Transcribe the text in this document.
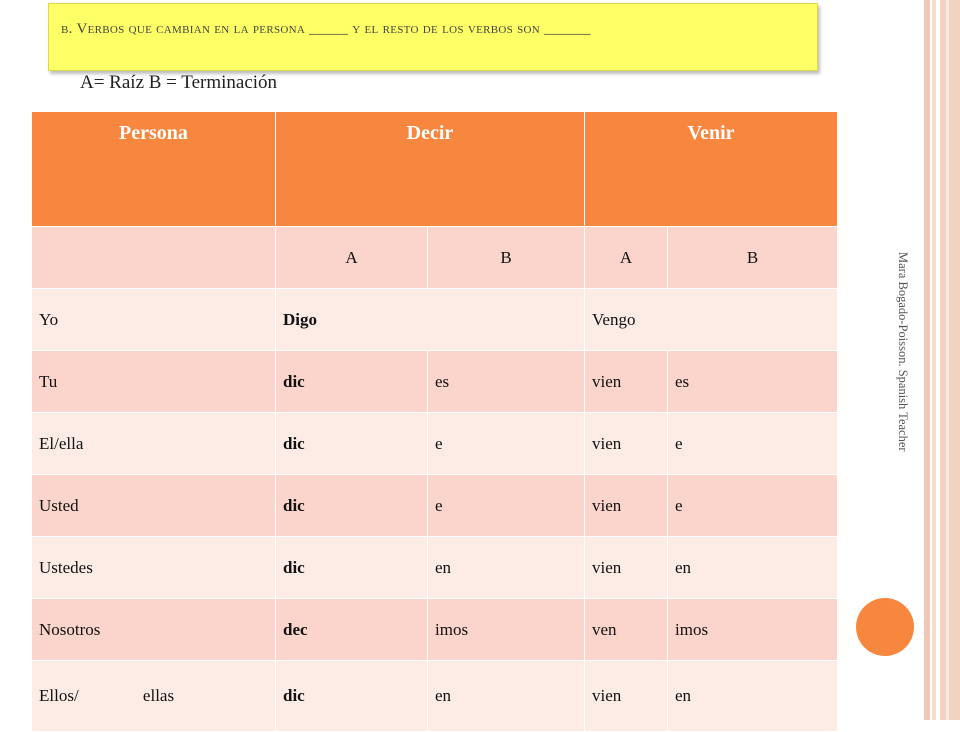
b. Verbos que cambian en la persona _____ y el resto de los verbos son ______
A= Raíz B = Terminación
Mara Bogado-Poisson. Spanish Teacher
Persona	Decir		Venir	
	A	B	A	B
Yo	Digo		Vengo	
Tu	dic	es	vien	es
El/ella	dic	e	vien	e
Usted	dic	e	vien	e
Ustedes	dic	en	vien	en
Nosotros	dec	imos	ven	imos
Ellos/ ellas	dic	en	vien	en
